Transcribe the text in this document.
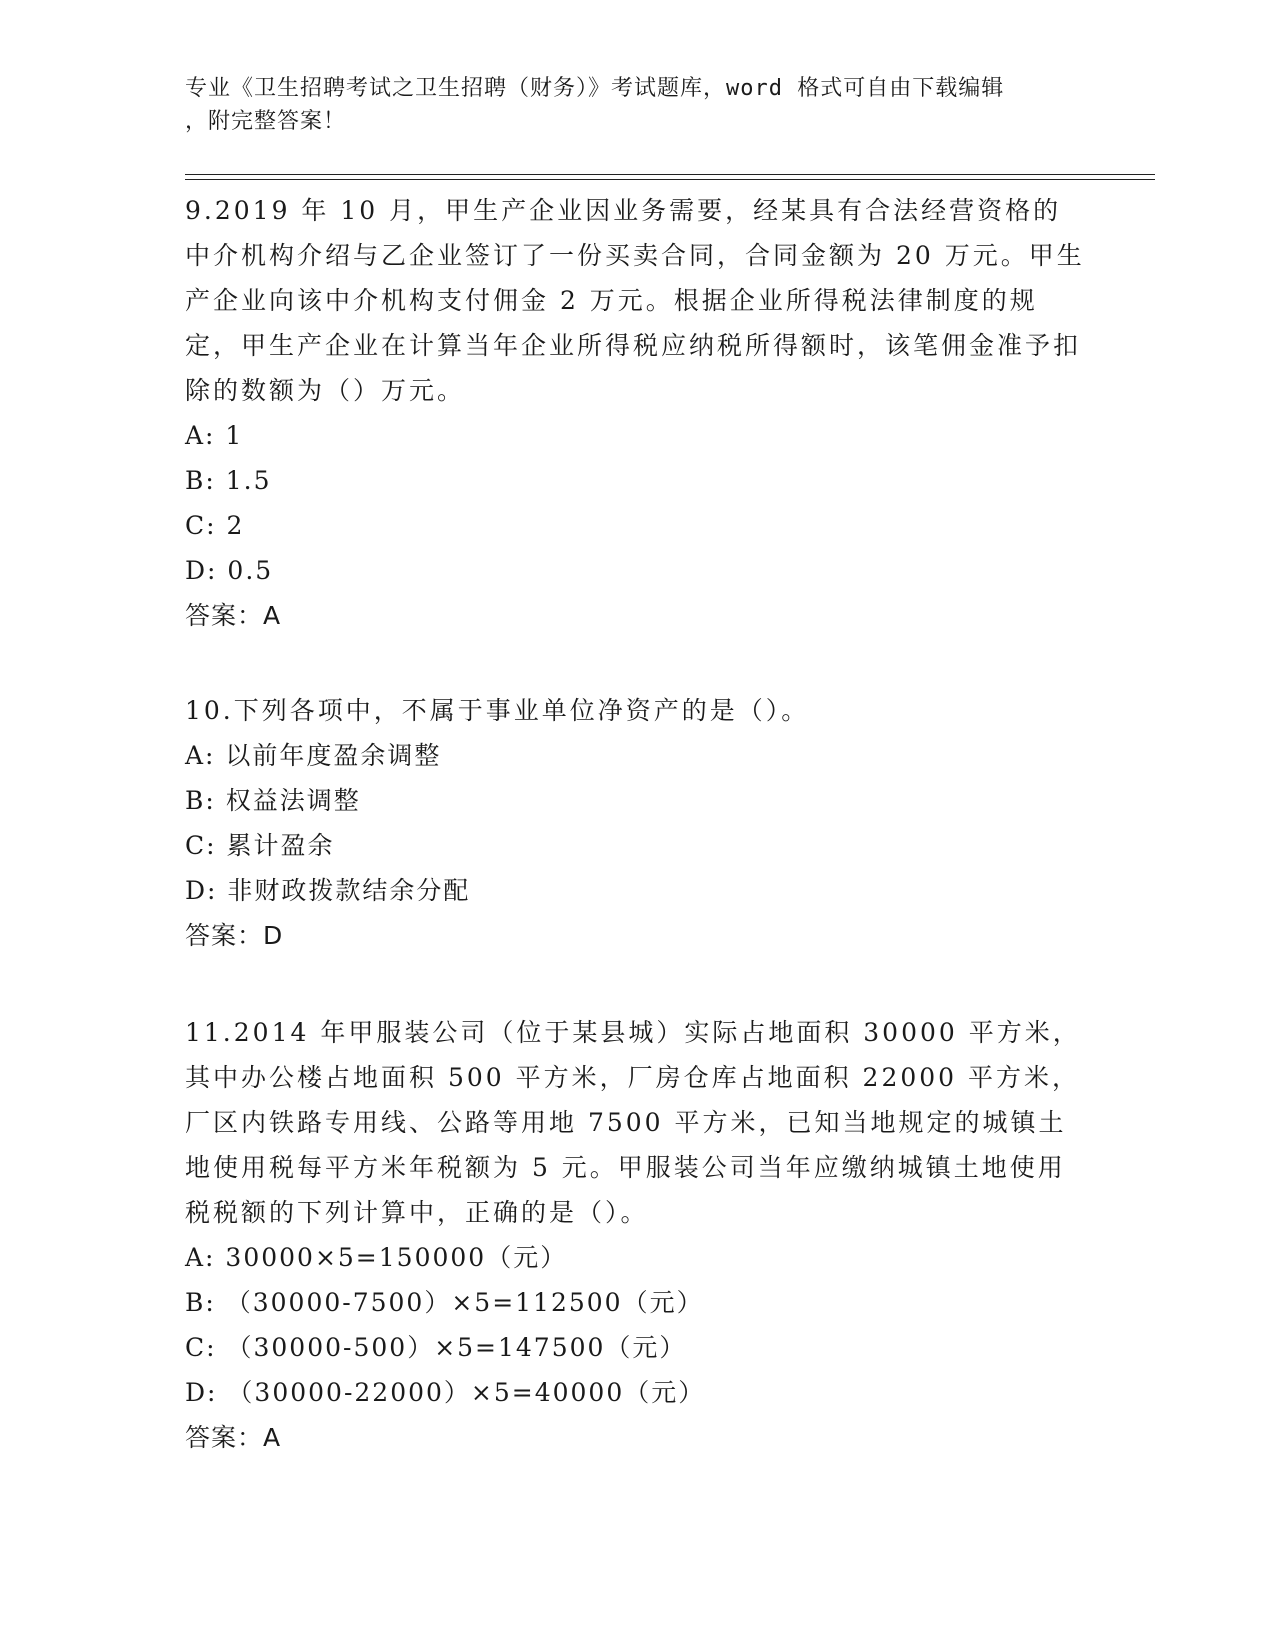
专业《卫生招聘考试之卫生招聘（财务）》考试题库，word 格式可自由下载编辑
，附完整答案！

9.2019 年 10 月，甲生产企业因业务需要，经某具有合法经营资格的中介机构介绍与乙企业签订了一份买卖合同，合同金额为 20 万元。甲生产企业向该中介机构支付佣金 2 万元。根据企业所得税法律制度的规定，甲生产企业在计算当年企业所得税应纳税所得额时，该笔佣金准予扣除的数额为（）万元。

A: 1

B: 1.5

C: 2

D: 0.5

答案：A

10.下列各项中，不属于事业单位净资产的是（）。

A: 以前年度盈余调整

B: 权益法调整

C: 累计盈余

D: 非财政拨款结余分配

答案：D

11.2014 年甲服装公司（位于某县城）实际占地面积 30000 平方米，其中办公楼占地面积 500 平方米，厂房仓库占地面积 22000 平方米，厂区内铁路专用线、公路等用地 7500 平方米，已知当地规定的城镇土地使用税每平方米年税额为 5 元。甲服装公司当年应缴纳城镇土地使用税税额的下列计算中，正确的是（）。

A: 30000×5=150000（元）

B: （30000-7500）×5=112500（元）

C: （30000-500）×5=147500（元）

D: （30000-22000）×5=40000（元）

答案：A
